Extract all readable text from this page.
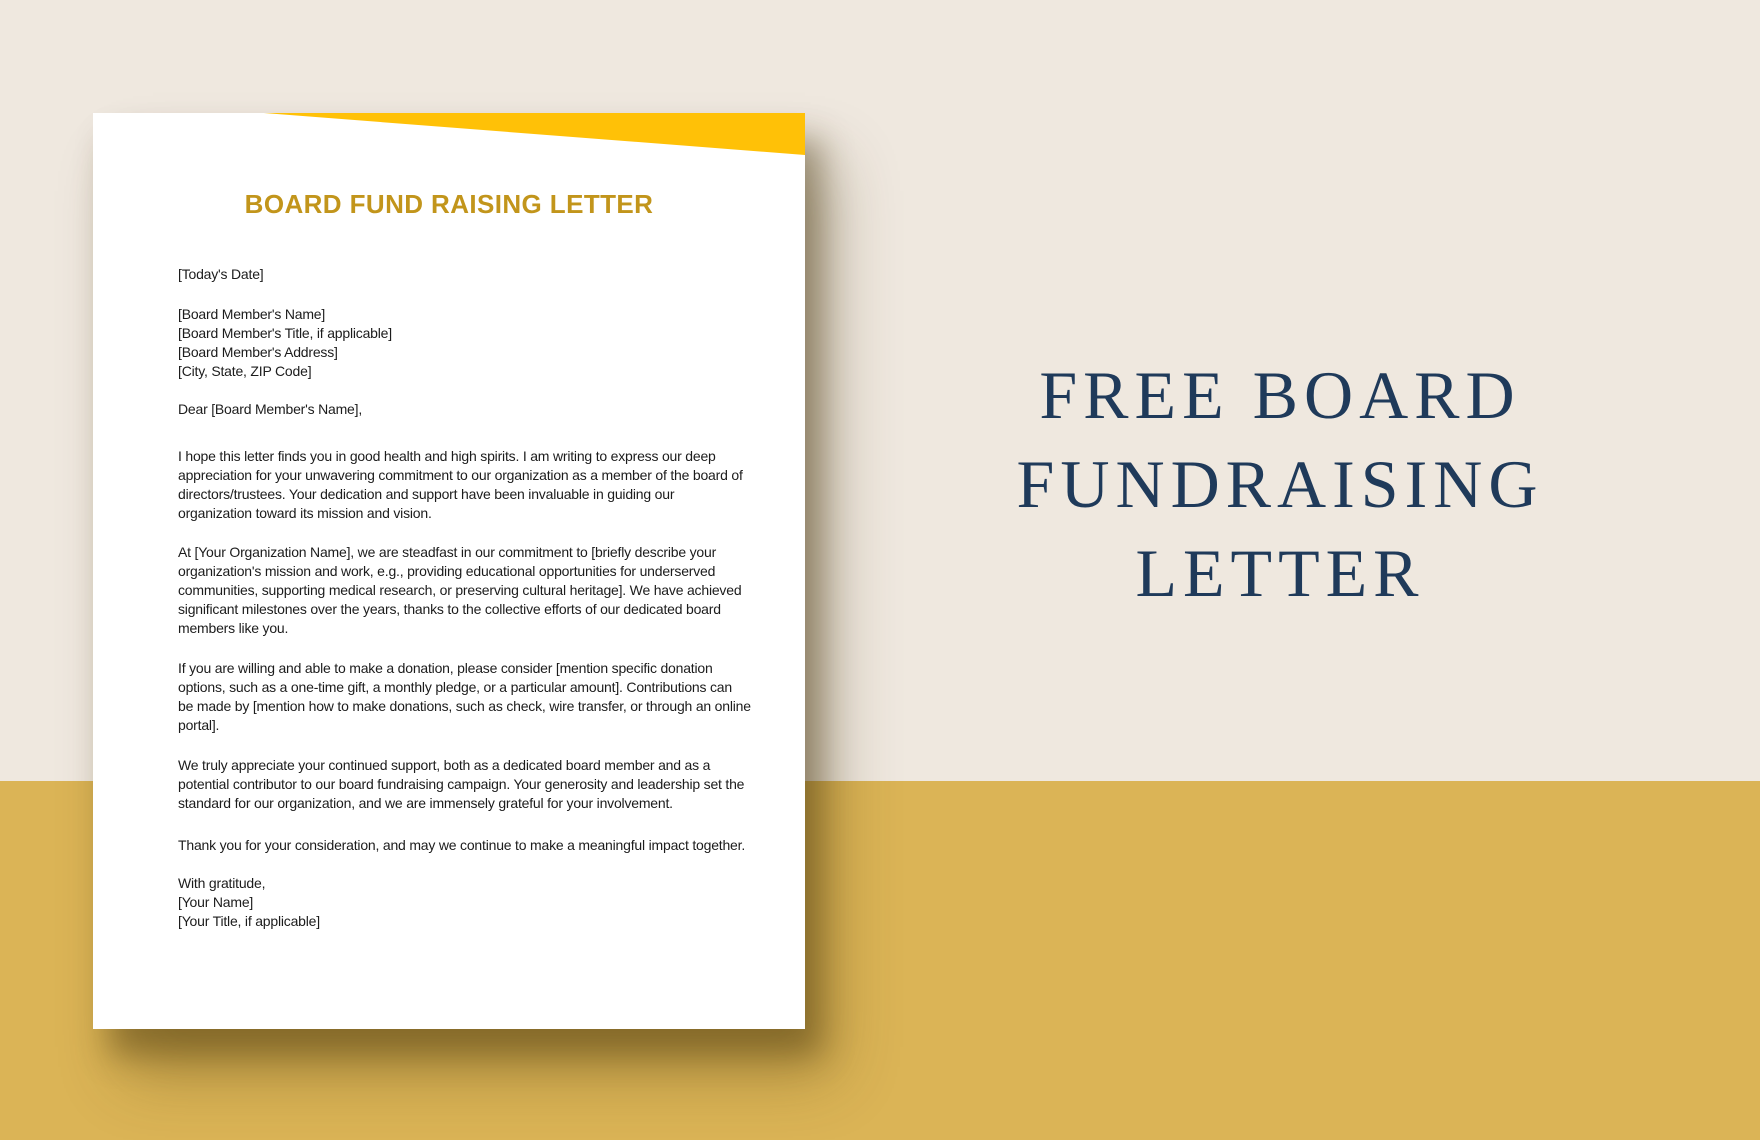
BOARD FUND RAISING LETTER
[Today's Date]
[Board Member's Name]
[Board Member's Title, if applicable]
[Board Member's Address]
[City, State, ZIP Code]
Dear [Board Member's Name],
I hope this letter finds you in good health and high spirits. I am writing to express our deep
appreciation for your unwavering commitment to our organization as a member of the board of
directors/trustees. Your dedication and support have been invaluable in guiding our
organization toward its mission and vision.
At [Your Organization Name], we are steadfast in our commitment to [briefly describe your
organization's mission and work, e.g., providing educational opportunities for underserved
communities, supporting medical research, or preserving cultural heritage]. We have achieved
significant milestones over the years, thanks to the collective efforts of our dedicated board
members like you.
If you are willing and able to make a donation, please consider [mention specific donation
options, such as a one-time gift, a monthly pledge, or a particular amount]. Contributions can
be made by [mention how to make donations, such as check, wire transfer, or through an online
portal].
We truly appreciate your continued support, both as a dedicated board member and as a
potential contributor to our board fundraising campaign. Your generosity and leadership set the
standard for our organization, and we are immensely grateful for your involvement.
Thank you for your consideration, and may we continue to make a meaningful impact together.
With gratitude,
[Your Name]
[Your Title, if applicable]
FREE BOARD
FUNDRAISING
LETTER
